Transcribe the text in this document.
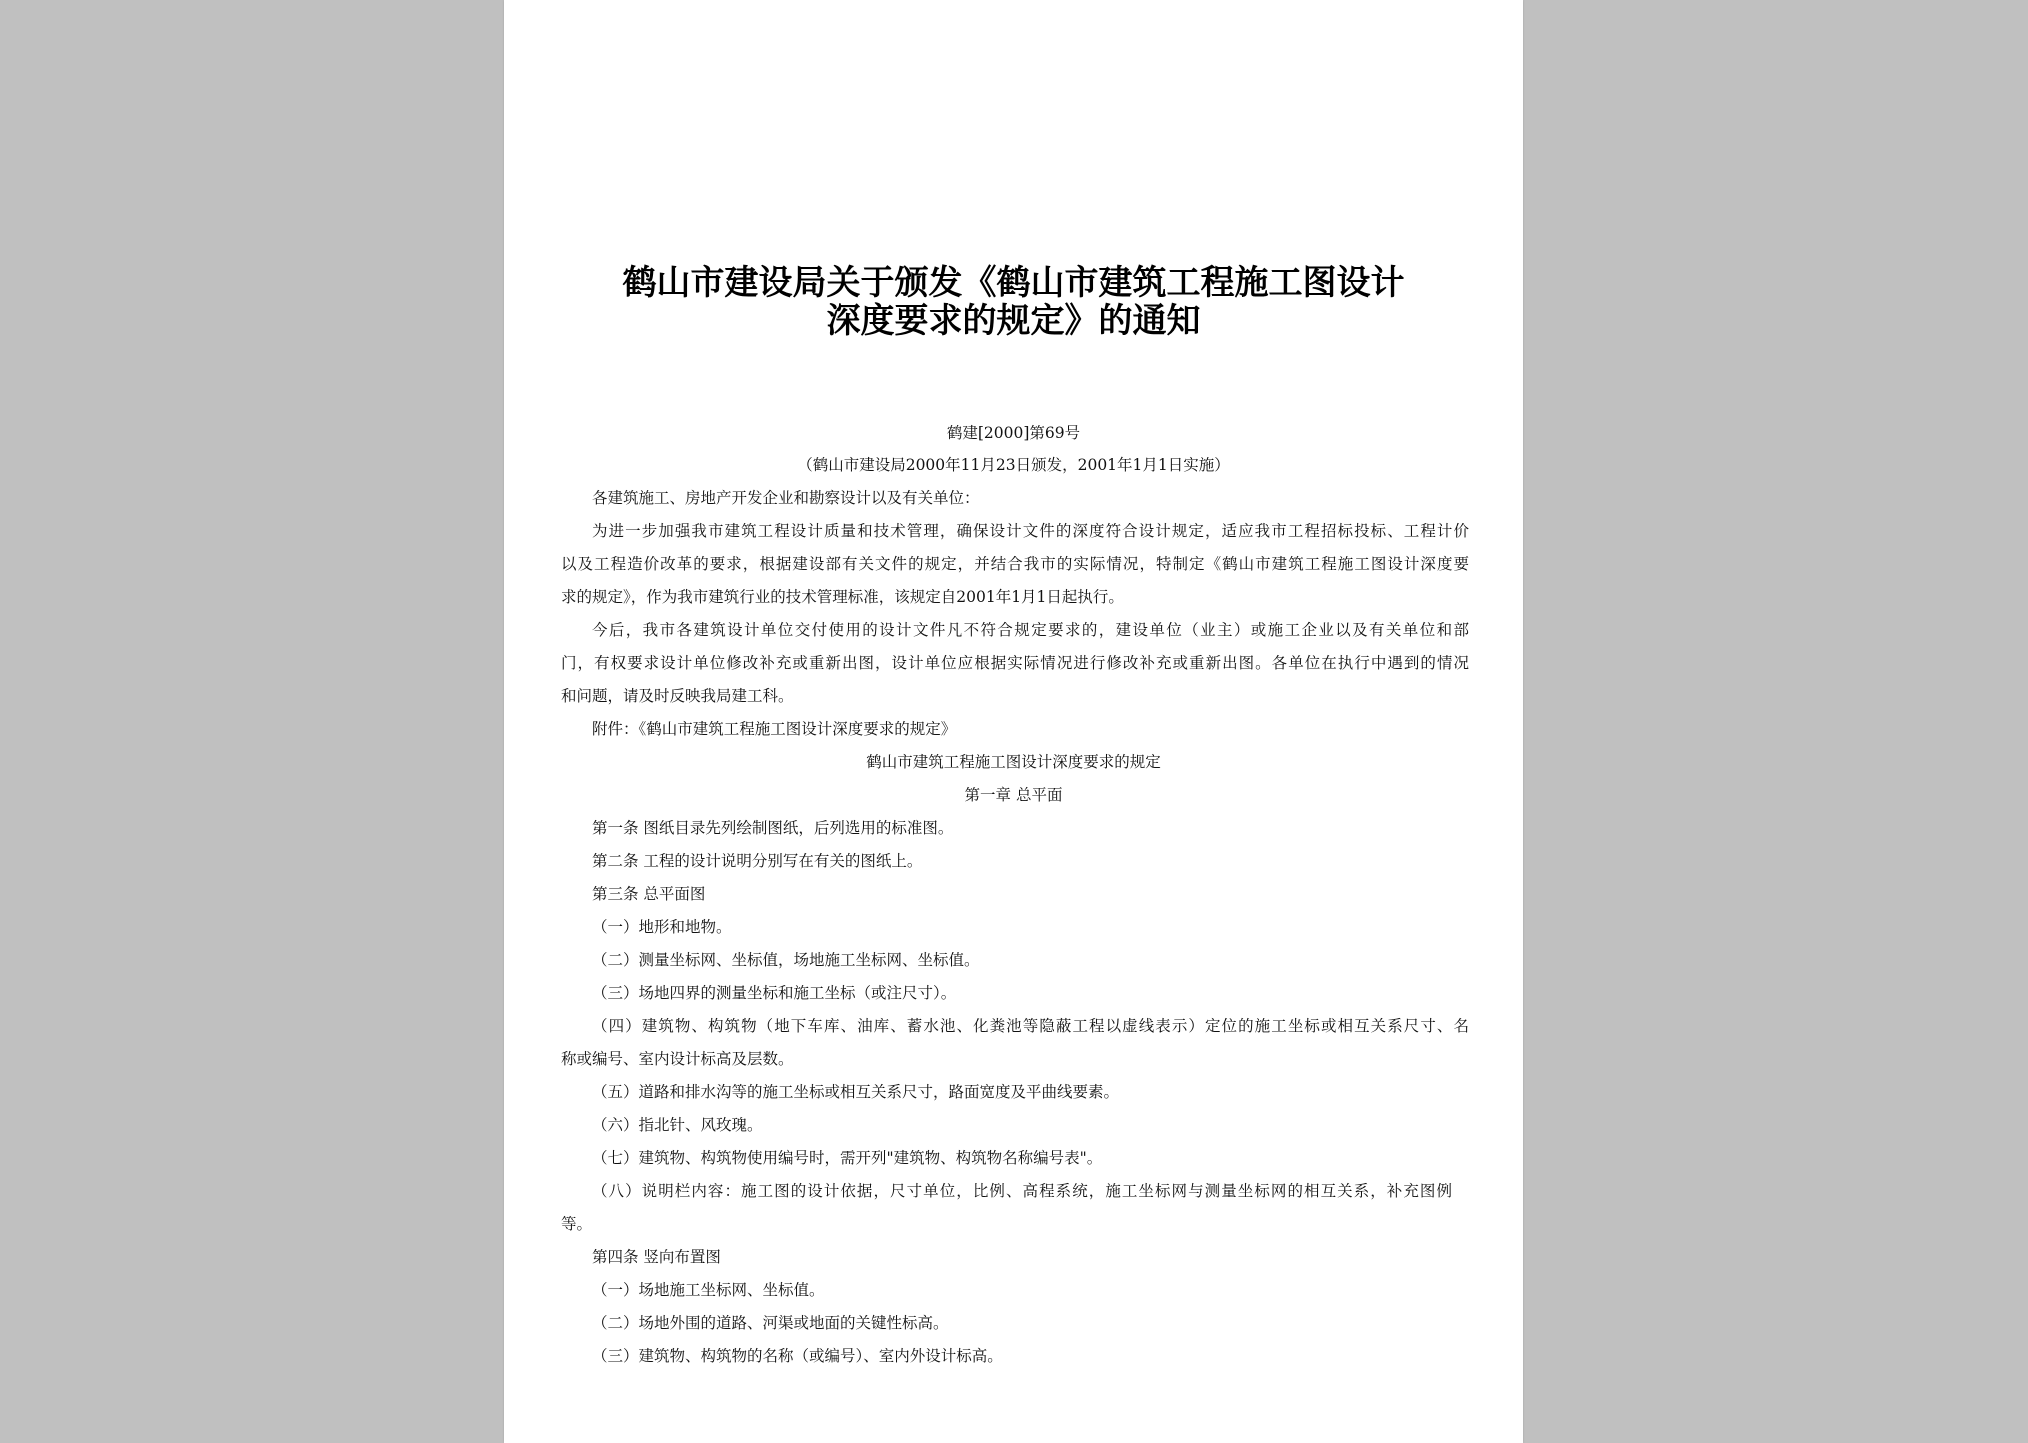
鹤山市建设局关于颁发《鹤山市建筑工程施工图设计
深度要求的规定》的通知
鹤建[2000]第69号
（鹤山市建设局2000年11月23日颁发，2001年1月1日实施）
各建筑施工、房地产开发企业和勘察设计以及有关单位：
为进一步加强我市建筑工程设计质量和技术管理，确保设计文件的深度符合设计规定，适应我市工程招标投标、工程计价
以及工程造价改革的要求，根据建设部有关文件的规定，并结合我市的实际情况，特制定《鹤山市建筑工程施工图设计深度要
求的规定》，作为我市建筑行业的技术管理标准，该规定自2001年1月1日起执行。
今后，我市各建筑设计单位交付使用的设计文件凡不符合规定要求的，建设单位（业主）或施工企业以及有关单位和部
门，有权要求设计单位修改补充或重新出图，设计单位应根据实际情况进行修改补充或重新出图。各单位在执行中遇到的情况
和问题，请及时反映我局建工科。
附件：《鹤山市建筑工程施工图设计深度要求的规定》
鹤山市建筑工程施工图设计深度要求的规定
第一章 总平面
第一条 图纸目录先列绘制图纸，后列选用的标准图。
第二条 工程的设计说明分别写在有关的图纸上。
第三条 总平面图
（一）地形和地物。
（二）测量坐标网、坐标值，场地施工坐标网、坐标值。
（三）场地四界的测量坐标和施工坐标（或注尺寸）。
（四）建筑物、构筑物（地下车库、油库、蓄水池、化粪池等隐蔽工程以虚线表示）定位的施工坐标或相互关系尺寸、名
称或编号、室内设计标高及层数。
（五）道路和排水沟等的施工坐标或相互关系尺寸，路面宽度及平曲线要素。
（六）指北针、风玫瑰。
（七）建筑物、构筑物使用编号时，需开列"建筑物、构筑物名称编号表"。
（八）说明栏内容：施工图的设计依据，尺寸单位，比例、高程系统，施工坐标网与测量坐标网的相互关系，补充图例
等。
第四条 竖向布置图
（一）场地施工坐标网、坐标值。
（二）场地外围的道路、河渠或地面的关键性标高。
（三）建筑物、构筑物的名称（或编号）、室内外设计标高。
